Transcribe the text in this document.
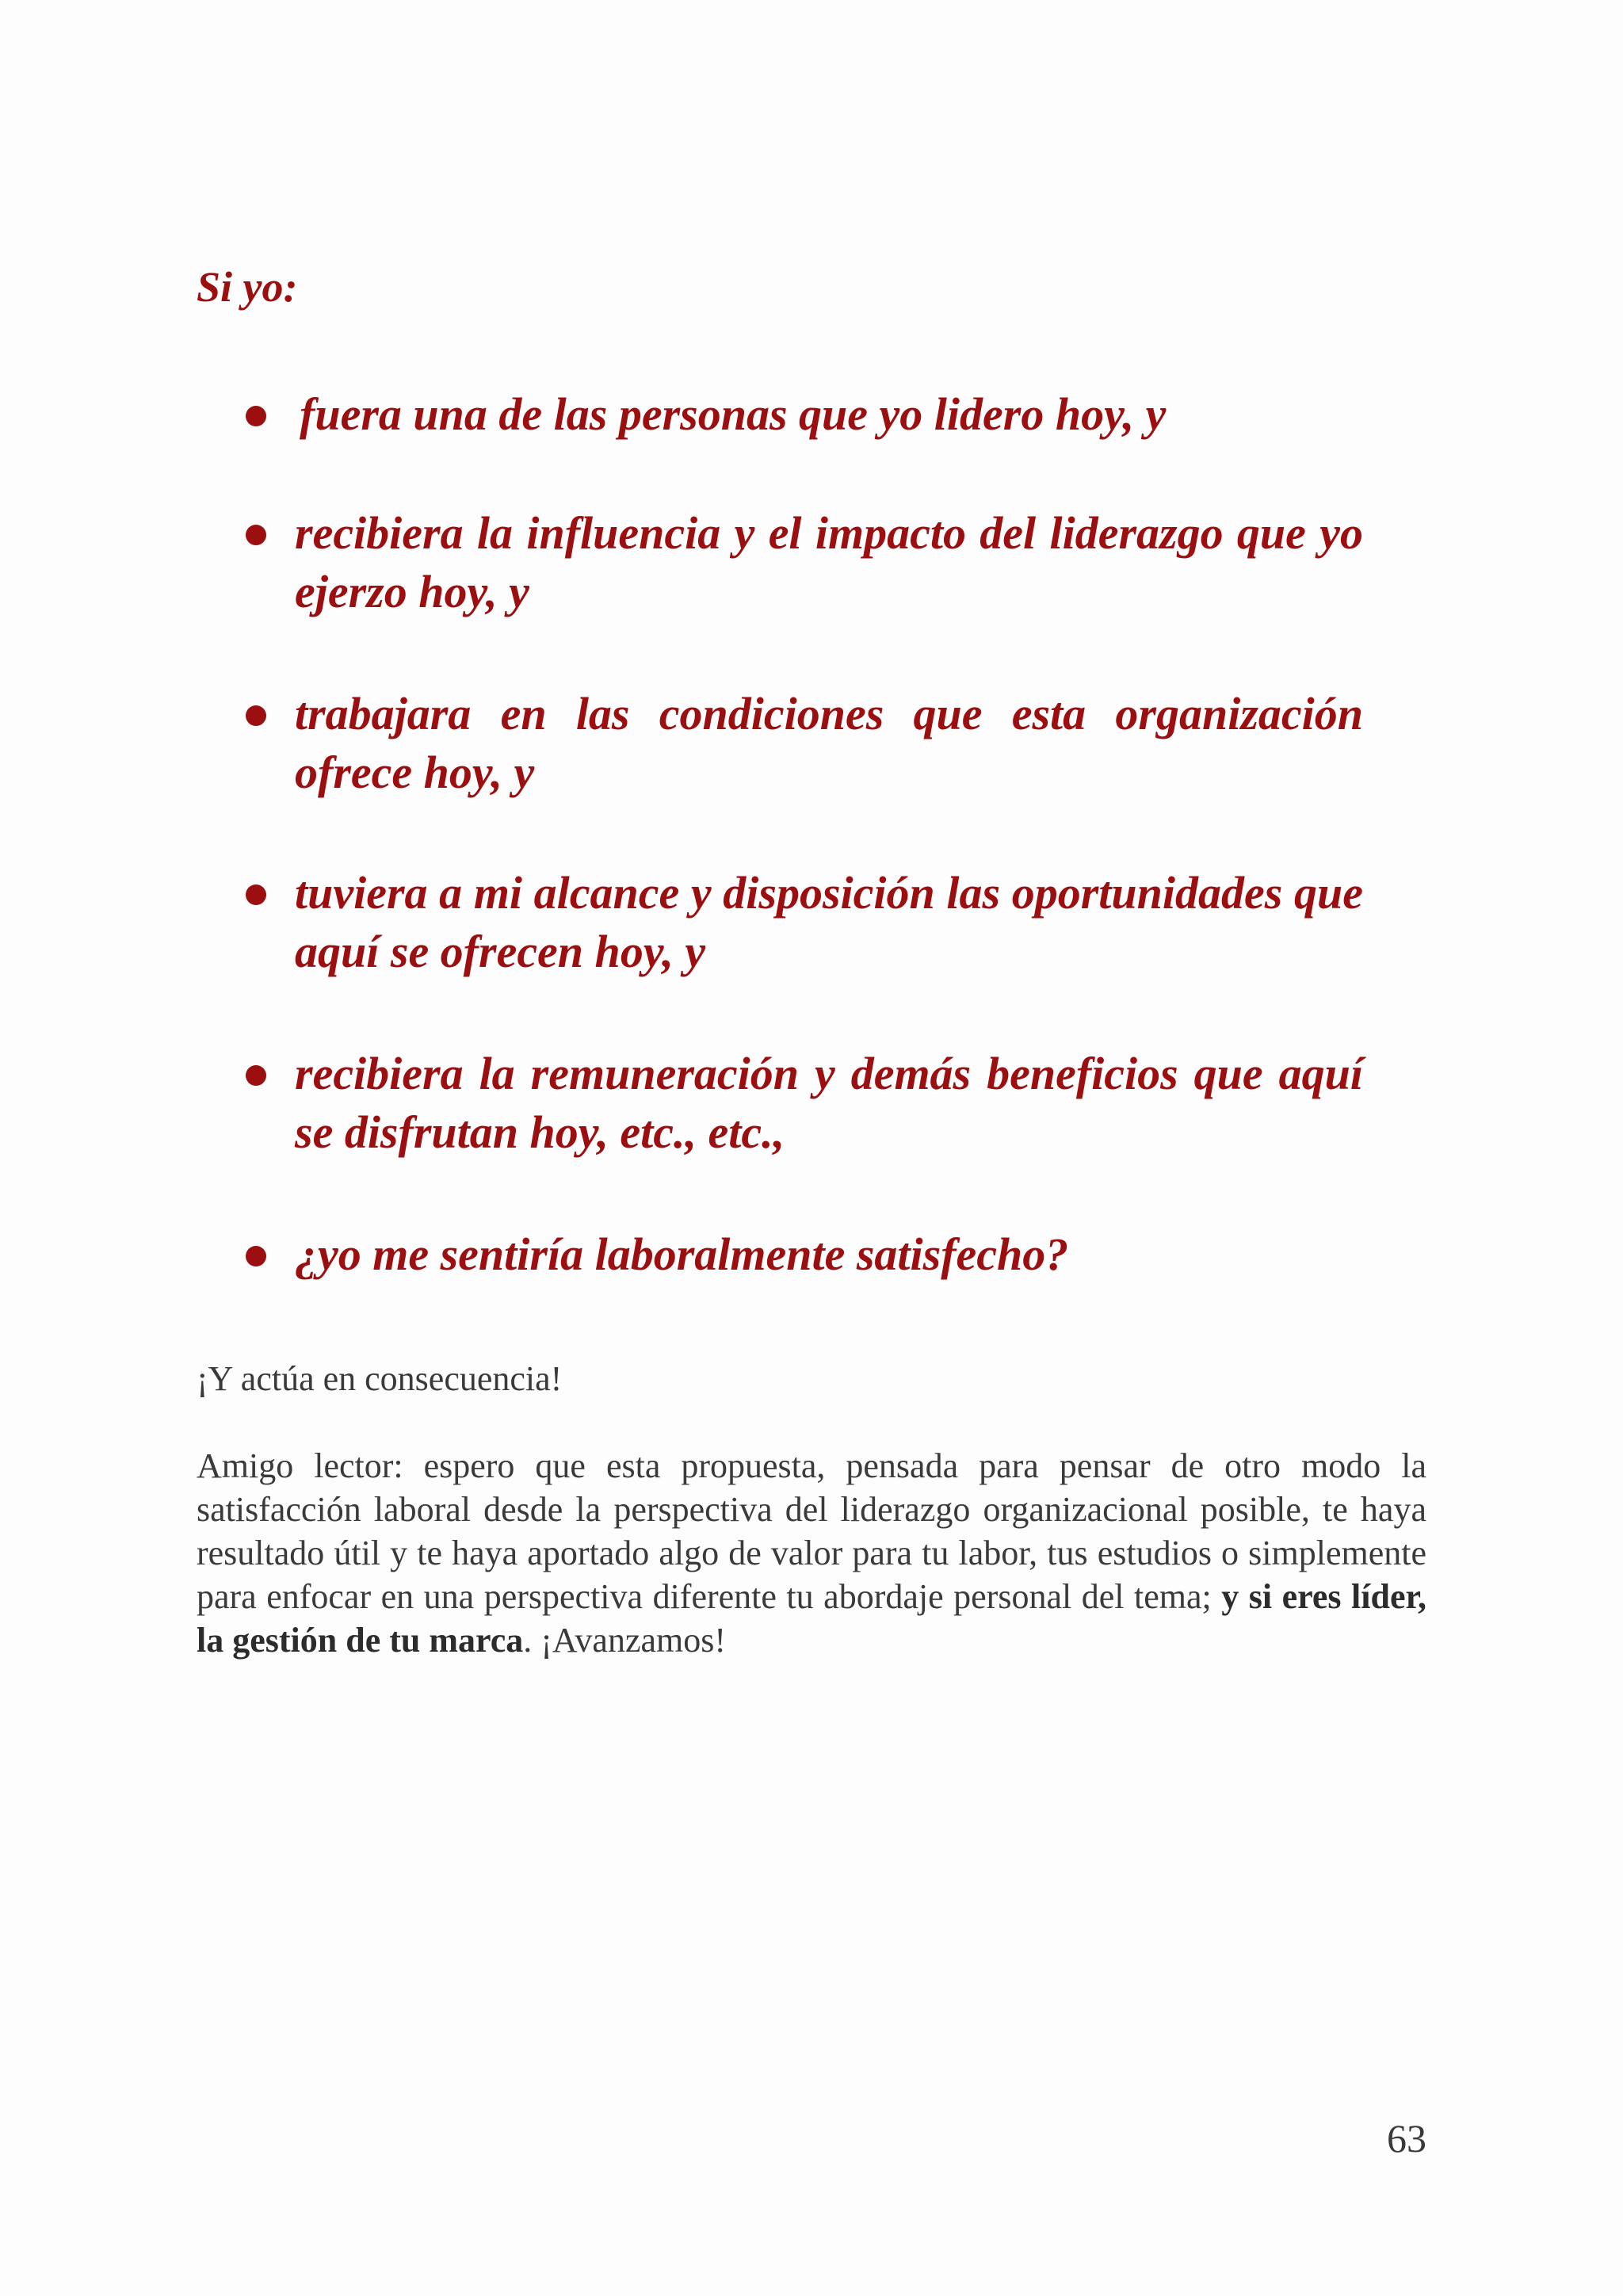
Si yo:
fuera una de las personas que yo lidero hoy, y
recibiera la influencia y el impacto del liderazgo que yo ejerzo hoy, y
trabajara en las condiciones que esta organización ofrece hoy, y
tuviera a mi alcance y disposición las oportunidades que aquí se ofrecen hoy, y
recibiera la remuneración y demás beneficios que aquí se disfrutan hoy, etc., etc.,
¿yo me sentiría laboralmente satisfecho?

¡Y actúa en consecuencia!

Amigo lector: espero que esta propuesta, pensada para pensar de otro modo la satisfacción laboral desde la perspectiva del liderazgo organizacional posible, te haya resultado útil y te haya aportado algo de valor para tu labor, tus estudios o simplemente para enfocar en una perspectiva diferente tu abordaje personal del tema; y si eres líder, la gestión de tu marca. ¡Avanzamos!

63
